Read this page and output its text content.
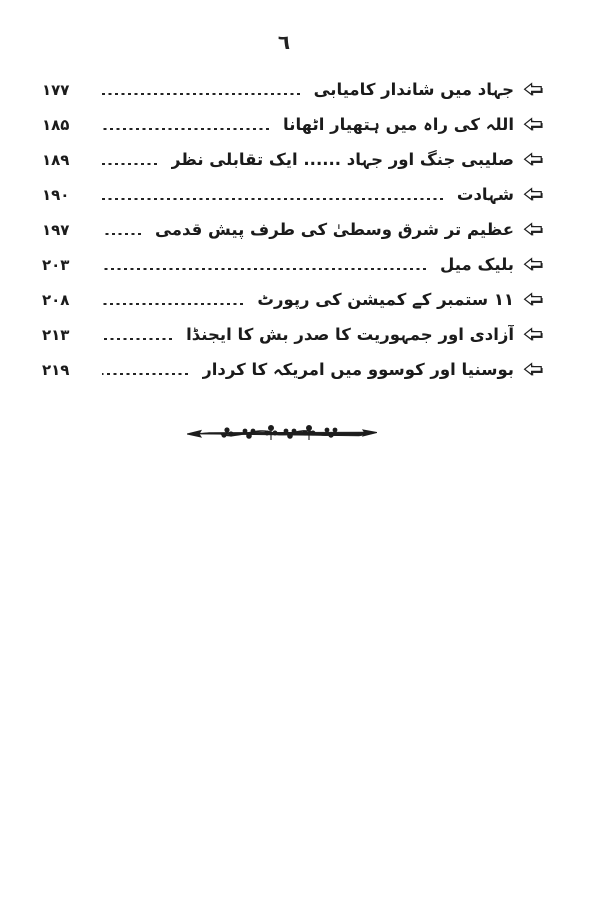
٦
جہاد میں شاندار کامیابی
۱۷۷
اللہ کی راہ میں ہتھیار اٹھانا
۱۸۵
صلیبی جنگ اور جہاد ...... ایک تقابلی نظر
۱۸۹
شہادت
۱۹۰
عظیم تر شرق وسطیٰ کی طرف پیش قدمی
۱۹۷
بلیک میل
۲۰۳
۱۱ ستمبر کے کمیشن کی رپورٹ
۲۰۸
آزادی اور جمہوریت کا صدر بش کا ایجنڈا
۲۱۳
بوسنیا اور کوسوو میں امریکہ کا کردار
۲۱۹
